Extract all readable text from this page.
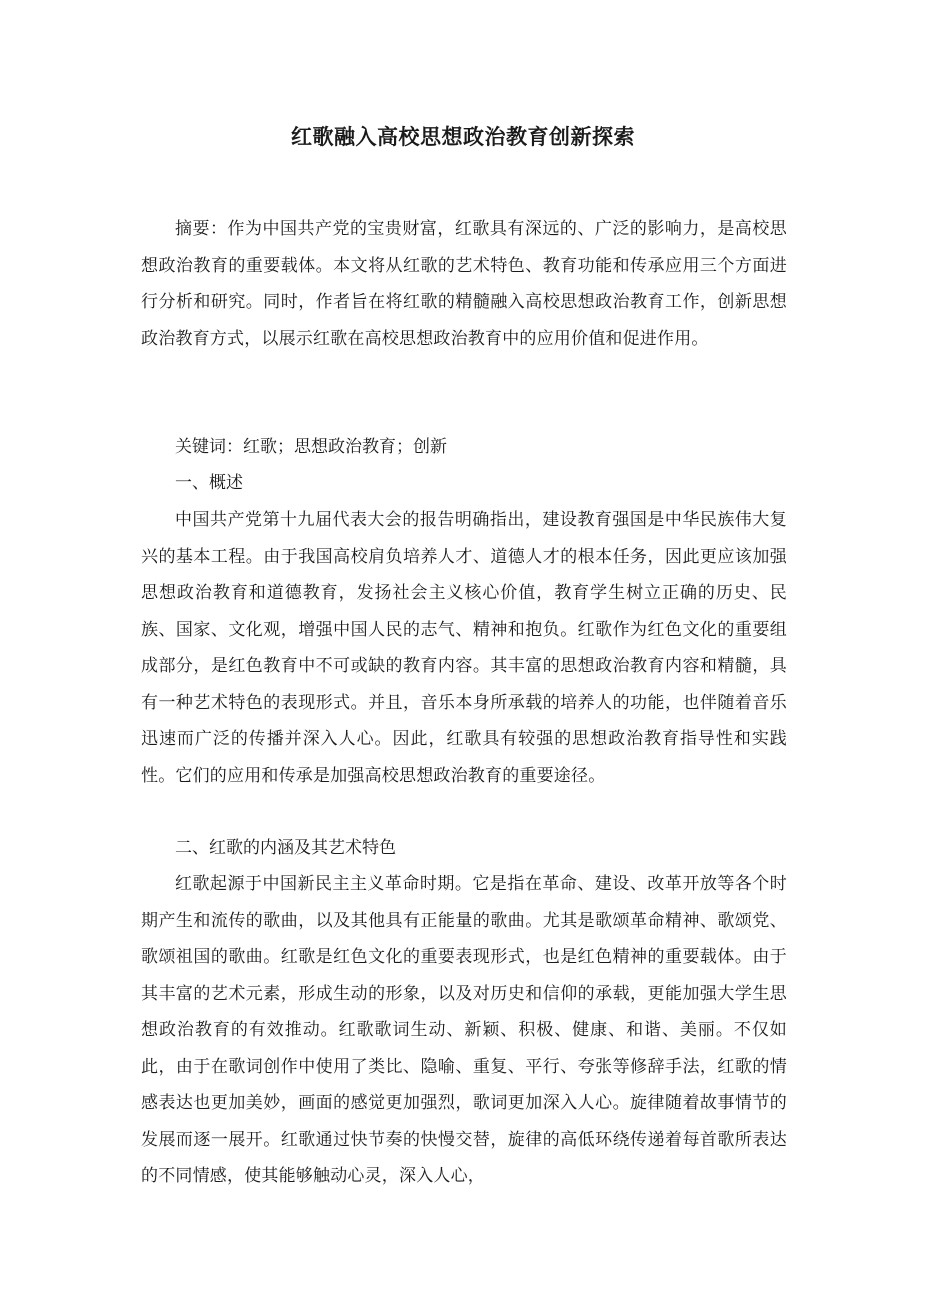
红歌融入高校思想政治教育创新探索

摘要：作为中国共产党的宝贵财富，红歌具有深远的、广泛的影响力，是高校思想政治教育的重要载体。本文将从红歌的艺术特色、教育功能和传承应用三个方面进行分析和研究。同时，作者旨在将红歌的精髓融入高校思想政治教育工作，创新思想政治教育方式，以展示红歌在高校思想政治教育中的应用价值和促进作用。

关键词：红歌；思想政治教育；创新

一、概述

中国共产党第十九届代表大会的报告明确指出，建设教育强国是中华民族伟大复兴的基本工程。由于我国高校肩负培养人才、道德人才的根本任务，因此更应该加强思想政治教育和道德教育，发扬社会主义核心价值，教育学生树立正确的历史、民族、国家、文化观，增强中国人民的志气、精神和抱负。红歌作为红色文化的重要组成部分，是红色教育中不可或缺的教育内容。其丰富的思想政治教育内容和精髓，具有一种艺术特色的表现形式。并且，音乐本身所承载的培养人的功能，也伴随着音乐迅速而广泛的传播并深入人心。因此，红歌具有较强的思想政治教育指导性和实践性。它们的应用和传承是加强高校思想政治教育的重要途径。

二、红歌的内涵及其艺术特色

红歌起源于中国新民主主义革命时期。它是指在革命、建设、改革开放等各个时期产生和流传的歌曲，以及其他具有正能量的歌曲。尤其是歌颂革命精神、歌颂党、歌颂祖国的歌曲。红歌是红色文化的重要表现形式，也是红色精神的重要载体。由于其丰富的艺术元素，形成生动的形象，以及对历史和信仰的承载，更能加强大学生思想政治教育的有效推动。红歌歌词生动、新颖、积极、健康、和谐、美丽。不仅如此，由于在歌词创作中使用了类比、隐喻、重复、平行、夸张等修辞手法，红歌的情感表达也更加美妙，画面的感觉更加强烈，歌词更加深入人心。旋律随着故事情节的发展而逐一展开。红歌通过快节奏的快慢交替，旋律的高低环绕传递着每首歌所表达的不同情感，使其能够触动心灵，深入人心，
